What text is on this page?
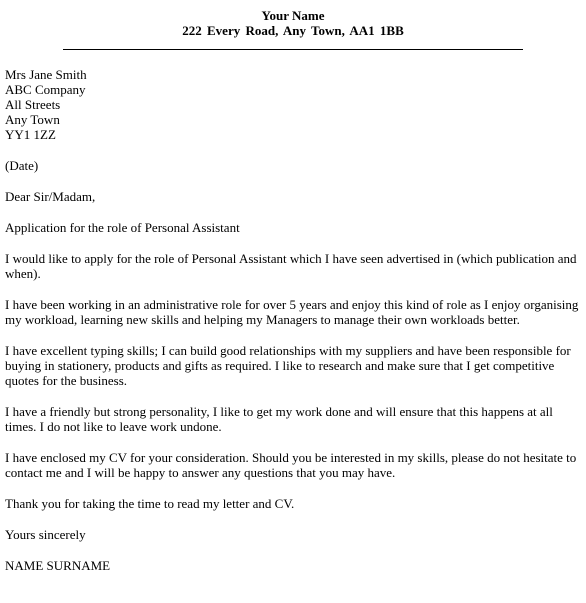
Your Name
222 Every Road, Any Town, AA1 1BB
Mrs Jane Smith
ABC Company
All Streets
Any Town
YY1 1ZZ
(Date)
Dear Sir/Madam,
Application for the role of Personal Assistant
I would like to apply for the role of Personal Assistant which I have seen advertised in (which publication and when).
I have been working in an administrative role for over 5 years and enjoy this kind of role as I enjoy organising my workload, learning new skills and helping my Managers to manage their own workloads better.
I have excellent typing skills; I can build good relationships with my suppliers and have been responsible for buying in stationery, products and gifts as required. I like to research and make sure that I get competitive quotes for the business.
I have a friendly but strong personality, I like to get my work done and will ensure that this happens at all times. I do not like to leave work undone.
I have enclosed my CV for your consideration. Should you be interested in my skills, please do not hesitate to contact me and I will be happy to answer any questions that you may have.
Thank you for taking the time to read my letter and CV.
Yours sincerely
NAME SURNAME
